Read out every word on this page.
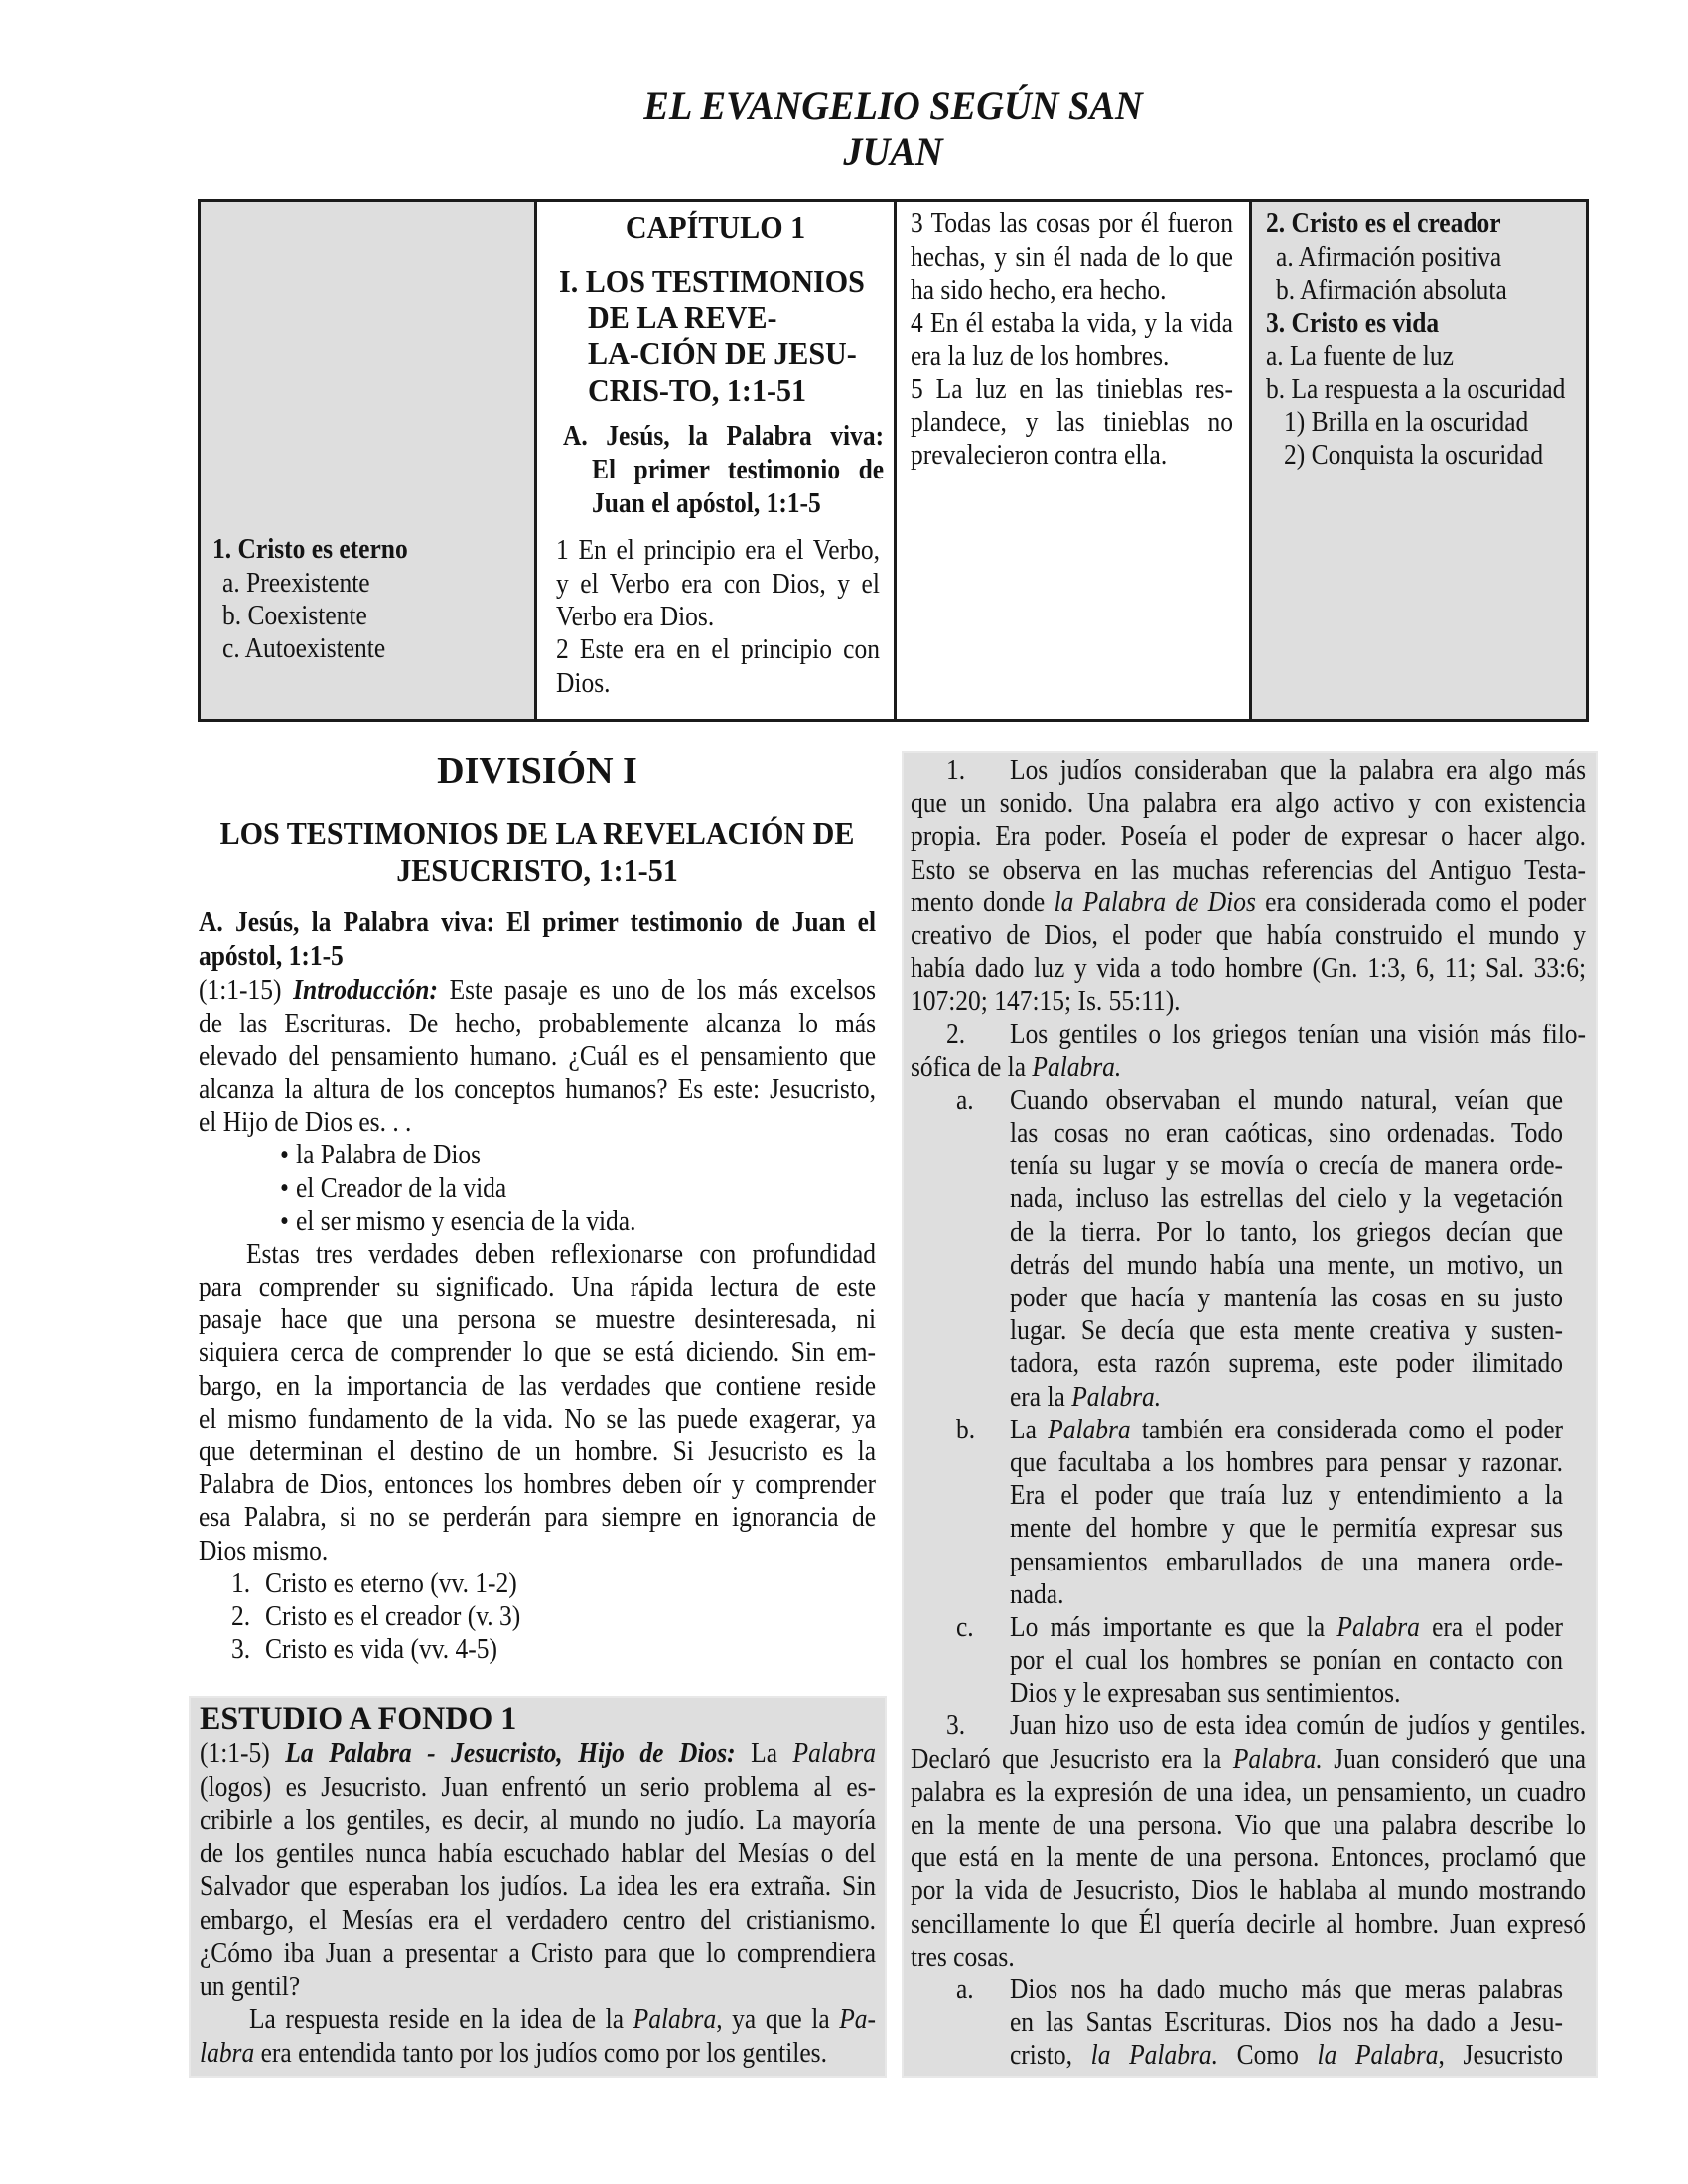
EL EVANGELIO SEGÚN SAN
JUAN
1. Cristo es eterno
a. Preexistente
b. Coexistente
c. Autoexistente
CAPÍTULO 1
I. LOS TESTIMONIOS
DE LA REVE-
LA-CIÓN DE JESU-
CRIS-TO, 1:1-51
A. Jesús, la Palabra viva:
El primer testimonio de
Juan el apóstol, 1:1-5
1 En el principio era el Verbo,
y el Verbo era con Dios, y el
Verbo era Dios.
2 Este era en el principio con
Dios.
3 Todas las cosas por él fueron
hechas, y sin él nada de lo que
ha sido hecho, era hecho.
4 En él estaba la vida, y la vida
era la luz de los hombres.
5 La luz en las tinieblas res-
plandece, y las tinieblas no
prevalecieron contra ella.
2. Cristo es el creador
a. Afirmación positiva
b. Afirmación absoluta
3. Cristo es vida
a. La fuente de luz
b. La respuesta a la oscuridad
1) Brilla en la oscuridad
2) Conquista la oscuridad
DIVISIÓN I
LOS TESTIMONIOS DE LA REVELACIÓN DE
JESUCRISTO, 1:1-51
A. Jesús, la Palabra viva: El primer testimonio de Juan el
apóstol, 1:1-5
(1:1-15) Introducción: Este pasaje es uno de los más excelsos
de las Escrituras. De hecho, probablemente alcanza lo más
elevado del pensamiento humano. ¿Cuál es el pensamiento que
alcanza la altura de los conceptos humanos? Es este: Jesucristo,
el Hijo de Dios es. . .
la Palabra de Dios
•
el Creador de la vida
•
el ser mismo y esencia de la vida.
•
Estas tres verdades deben reflexionarse con profundidad
para comprender su significado. Una rápida lectura de este
pasaje hace que una persona se muestre desinteresada, ni
siquiera cerca de comprender lo que se está diciendo. Sin em-
bargo, en la importancia de las verdades que contiene reside
el mismo fundamento de la vida. No se las puede exagerar, ya
que determinan el destino de un hombre. Si Jesucristo es la
Palabra de Dios, entonces los hombres deben oír y comprender
esa Palabra, si no se perderán para siempre en ignorancia de
Dios mismo.
Cristo es eterno (vv. 1-2)
1.
Cristo es el creador (v. 3)
2.
Cristo es vida (vv. 4-5)
3.
ESTUDIO A FONDO 1
(1:1-5) La Palabra - Jesucristo, Hijo de Dios: La Palabra
(logos) es Jesucristo. Juan enfrentó un serio problema al es-
cribirle a los gentiles, es decir, al mundo no judío. La mayoría
de los gentiles nunca había escuchado hablar del Mesías o del
Salvador que esperaban los judíos. La idea les era extraña. Sin
embargo, el Mesías era el verdadero centro del cristianismo.
¿Cómo iba Juan a presentar a Cristo para que lo comprendiera
un gentil?
La respuesta reside en la idea de la Palabra, ya que la Pa-
labra era entendida tanto por los judíos como por los gentiles.
Los judíos consideraban que la palabra era algo más
1.
que un sonido. Una palabra era algo activo y con existencia
propia. Era poder. Poseía el poder de expresar o hacer algo.
Esto se observa en las muchas referencias del Antiguo Testa-
mento donde la Palabra de Dios era considerada como el poder
creativo de Dios, el poder que había construido el mundo y
había dado luz y vida a todo hombre (Gn. 1:3, 6, 11; Sal. 33:6;
107:20; 147:15; Is. 55:11).
Los gentiles o los griegos tenían una visión más filo-
2.
sófica de la Palabra.
Cuando observaban el mundo natural, veían que
a.
las cosas no eran caóticas, sino ordenadas. Todo
tenía su lugar y se movía o crecía de manera orde-
nada, incluso las estrellas del cielo y la vegetación
de la tierra. Por lo tanto, los griegos decían que
detrás del mundo había una mente, un motivo, un
poder que hacía y mantenía las cosas en su justo
lugar. Se decía que esta mente creativa y susten-
tadora, esta razón suprema, este poder ilimitado
era la Palabra.
La Palabra también era considerada como el poder
b.
que facultaba a los hombres para pensar y razonar.
Era el poder que traía luz y entendimiento a la
mente del hombre y que le permitía expresar sus
pensamientos embarullados de una manera orde-
nada.
Lo más importante es que la Palabra era el poder
c.
por el cual los hombres se ponían en contacto con
Dios y le expresaban sus sentimientos.
Juan hizo uso de esta idea común de judíos y gentiles.
3.
Declaró que Jesucristo era la Palabra. Juan consideró que una
palabra es la expresión de una idea, un pensamiento, un cuadro
en la mente de una persona. Vio que una palabra describe lo
que está en la mente de una persona. Entonces, proclamó que
por la vida de Jesucristo, Dios le hablaba al mundo mostrando
sencillamente lo que Él quería decirle al hombre. Juan expresó
tres cosas.
Dios nos ha dado mucho más que meras palabras
a.
en las Santas Escrituras. Dios nos ha dado a Jesu-
cristo, la Palabra. Como la Palabra, Jesucristo
